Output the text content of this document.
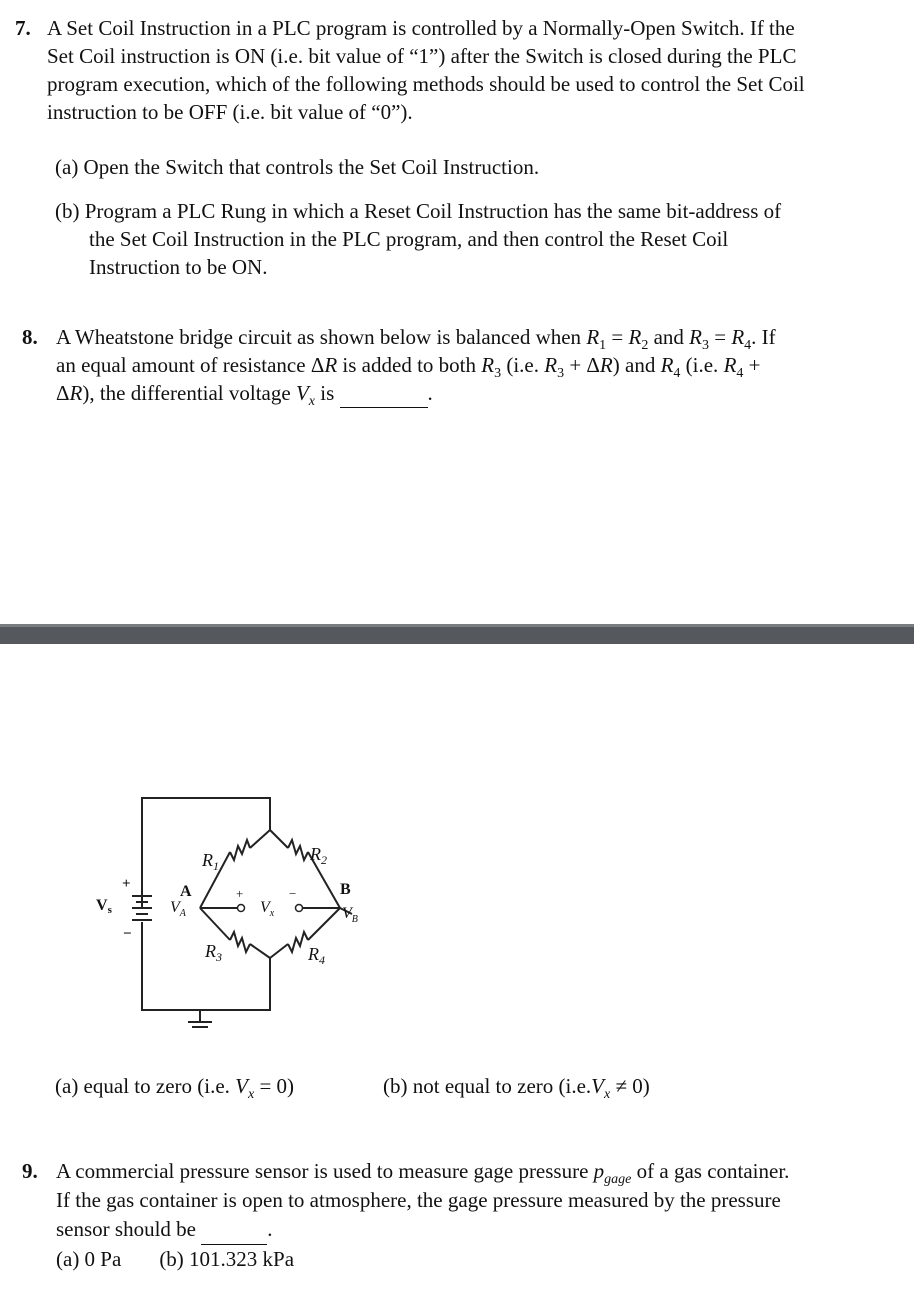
7. A Set Coil Instruction in a PLC program is controlled by a Normally-Open Switch. If the
Set Coil instruction is ON (i.e. bit value of “1”) after the Switch is closed during the PLC
program execution, which of the following methods should be used to control the Set Coil
instruction to be OFF (i.e. bit value of “0”).
(a) Open the Switch that controls the Set Coil Instruction.
(b) Program a PLC Rung in which a Reset Coil Instruction has the same bit-address of
the Set Coil Instruction in the PLC program, and then control the Reset Coil
Instruction to be ON.
8. A Wheatstone bridge circuit as shown below is balanced when $R_1 = R_2$ and $R_3 = R_4$. If
an equal amount of resistance ΔR is added to both $R_3$ (i.e. $R_3 + \Delta R$) and $R_4$ (i.e. $R_4$ +
ΔR), the differential voltage $V_x$ is	.
$R_1$
$R_2$
$R_3$	$R_4$
A	B
Vs
+
−
$V_A$	$V_B$
$V_x$
+	−
(a) equal to zero (i.e. $V_x = 0$)	(b) not equal to zero $(i.e.V_x \ne 0)$
9. A commercial pressure sensor is used to measure gage pressure $p_{gage}$ of a gas container.
If the gas container is open to atmosphere, the gage pressure measured by the pressure
sensor should be	.
(a) 0 Pa (b) 101.323 kPa
